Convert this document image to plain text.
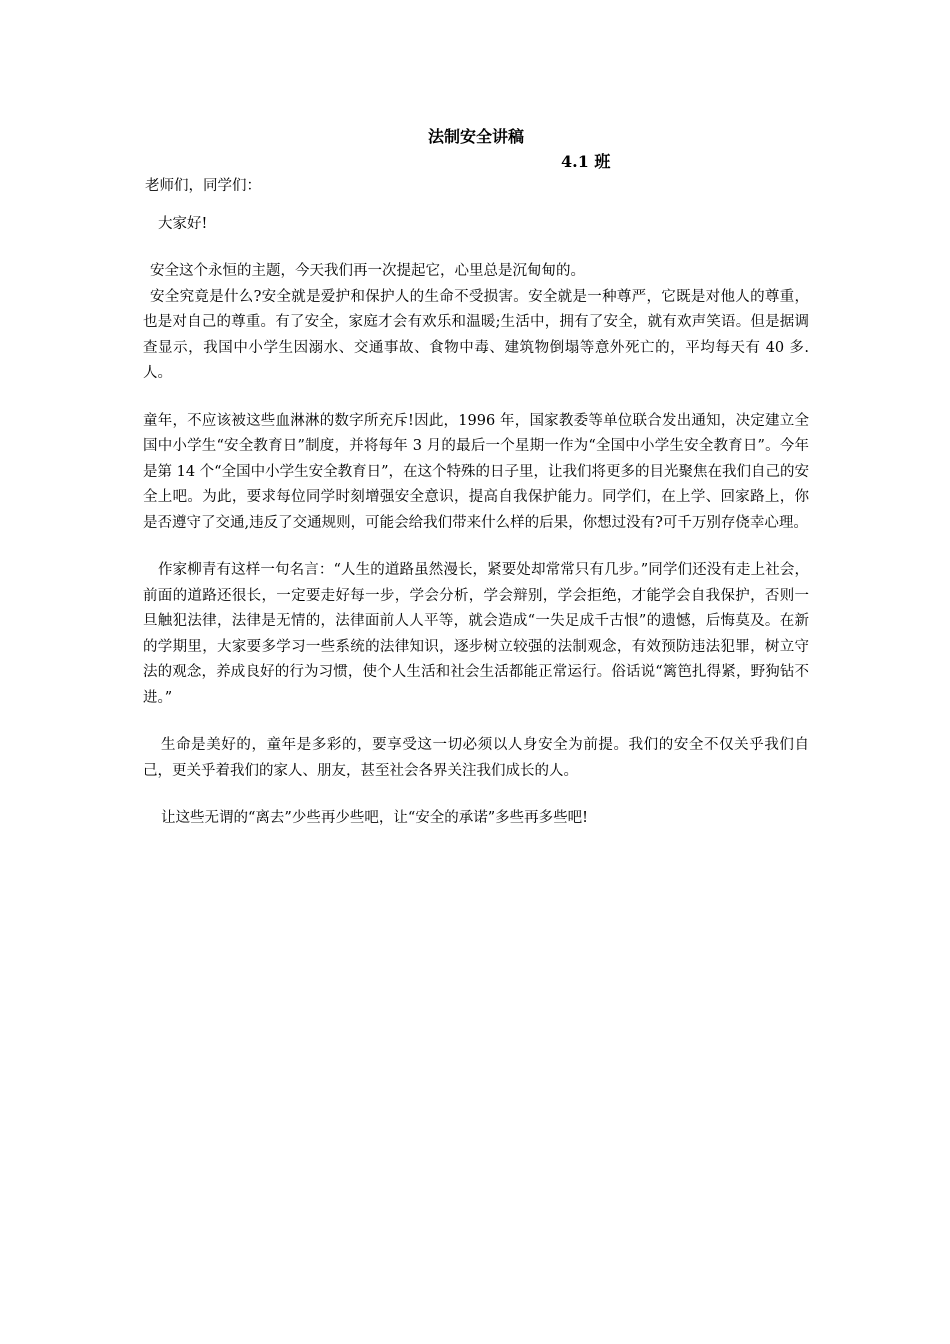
法制安全讲稿

4.1 班

老师们，同学们：

大家好!

安全这个永恒的主题，今天我们再一次提起它，心里总是沉甸甸的。

安全究竟是什么?安全就是爱护和保护人的生命不受损害。安全就是一种尊严，它既是对他人的尊重，也是对自己的尊重。有了安全，家庭才会有欢乐和温暖;生活中，拥有了安全，就有欢声笑语。但是据调查显示，我国中小学生因溺水、交通事故、食物中毒、建筑物倒塌等意外死亡的，平均每天有 40 多.人。

童年，不应该被这些血淋淋的数字所充斥!因此，1996 年，国家教委等单位联合发出通知，决定建立全国中小学生“安全教育日”制度，并将每年 3 月的最后一个星期一作为“全国中小学生安全教育日”。今年是第 14 个“全国中小学生安全教育日”，在这个特殊的日子里，让我们将更多的目光聚焦在我们自己的安全上吧。为此，要求每位同学时刻增强安全意识，提高自我保护能力。同学们，在上学、回家路上，你是否遵守了交通,违反了交通规则，可能会给我们带来什么样的后果，你想过没有?可千万别存侥幸心理。

作家柳青有这样一句名言：“人生的道路虽然漫长，紧要处却常常只有几步。”同学们还没有走上社会，前面的道路还很长，一定要走好每一步，学会分析，学会辩别，学会拒绝，才能学会自我保护，否则一旦触犯法律，法律是无情的，法律面前人人平等，就会造成“一失足成千古恨”的遗憾，后悔莫及。在新的学期里，大家要多学习一些系统的法律知识，逐步树立较强的法制观念，有效预防违法犯罪，树立守法的观念，养成良好的行为习惯，使个人生活和社会生活都能正常运行。俗话说“篱笆扎得紧，野狗钻不进。”

生命是美好的，童年是多彩的，要享受这一切必须以人身安全为前提。我们的安全不仅关乎我们自己，更关乎着我们的家人、朋友，甚至社会各界关注我们成长的人。

让这些无谓的“离去”少些再少些吧，让“安全的承诺”多些再多些吧!
